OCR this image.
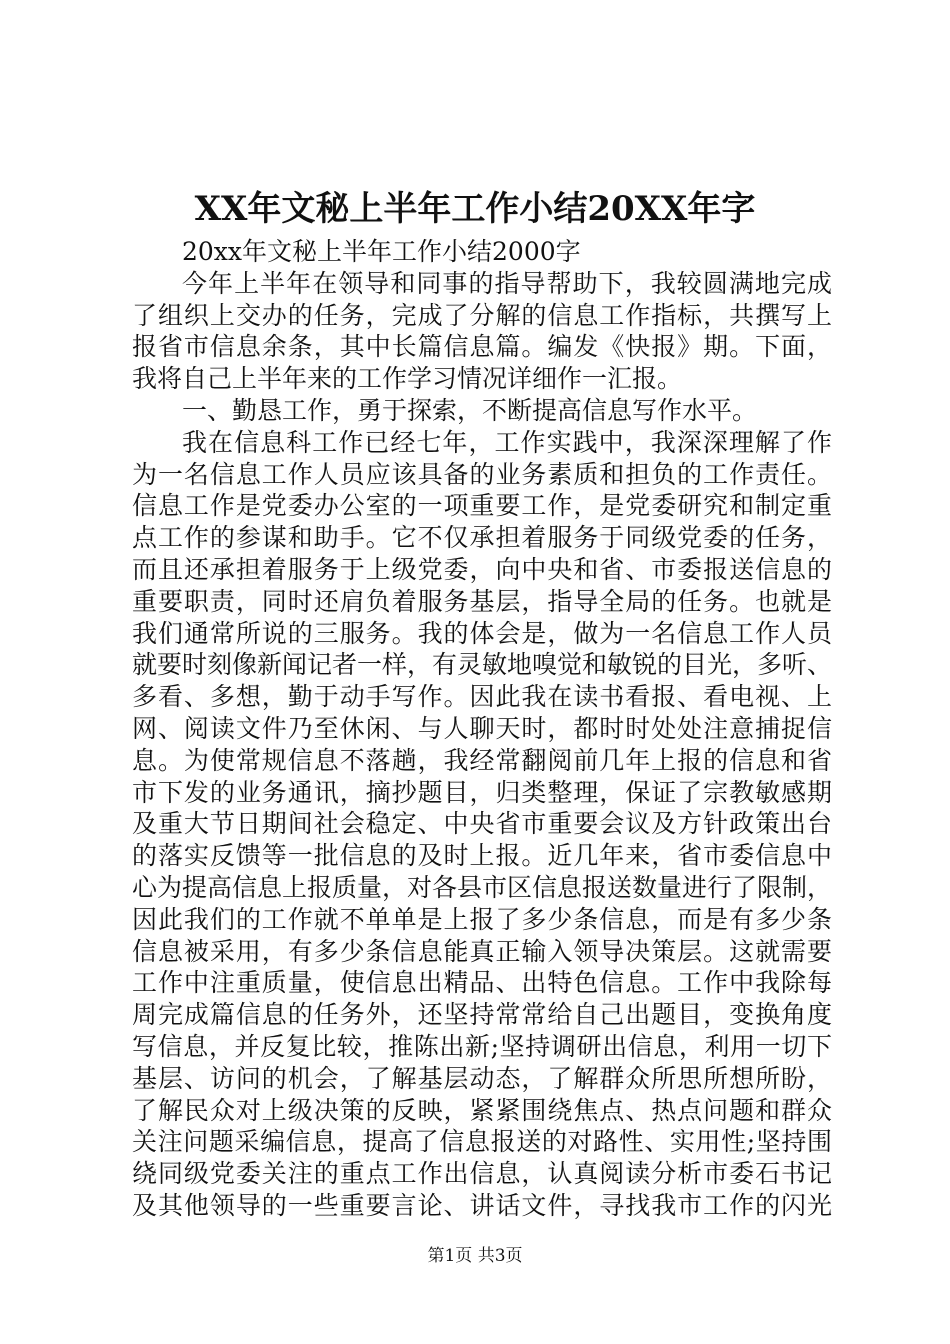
XX年文秘上半年工作小结20XX年字
20xx年文秘上半年工作小结2000字
今年上半年在领导和同事的指导帮助下，我较圆满地完成
了组织上交办的任务，完成了分解的信息工作指标，共撰写上
报省市信息余条，其中长篇信息篇。编发《快报》期。下面，
我将自己上半年来的工作学习情况详细作一汇报。
一、勤恳工作，勇于探索，不断提高信息写作水平。
我在信息科工作已经七年，工作实践中，我深深理解了作
为一名信息工作人员应该具备的业务素质和担负的工作责任。
信息工作是党委办公室的一项重要工作，是党委研究和制定重
点工作的参谋和助手。它不仅承担着服务于同级党委的任务，
而且还承担着服务于上级党委，向中央和省、市委报送信息的
重要职责，同时还肩负着服务基层，指导全局的任务。也就是
我们通常所说的三服务。我的体会是，做为一名信息工作人员
就要时刻像新闻记者一样，有灵敏地嗅觉和敏锐的目光，多听、
多看、多想，勤于动手写作。因此我在读书看报、看电视、上
网、阅读文件乃至休闲、与人聊天时，都时时处处注意捕捉信
息。为使常规信息不落趟，我经常翻阅前几年上报的信息和省
市下发的业务通讯，摘抄题目，归类整理，保证了宗教敏感期
及重大节日期间社会稳定、中央省市重要会议及方针政策出台
的落实反馈等一批信息的及时上报。近几年来，省市委信息中
心为提高信息上报质量，对各县市区信息报送数量进行了限制，
因此我们的工作就不单单是上报了多少条信息，而是有多少条
信息被采用，有多少条信息能真正输入领导决策层。这就需要
工作中注重质量，使信息出精品、出特色信息。工作中我除每
周完成篇信息的任务外，还坚持常常给自己出题目，变换角度
写信息，并反复比较，推陈出新;坚持调研出信息，利用一切下
基层、访问的机会，了解基层动态，了解群众所思所想所盼，
了解民众对上级决策的反映，紧紧围绕焦点、热点问题和群众
关注问题采编信息，提高了信息报送的对路性、实用性;坚持围
绕同级党委关注的重点工作出信息，认真阅读分析市委石书记
及其他领导的一些重要言论、讲话文件，寻找我市工作的闪光
第1页 共3页
